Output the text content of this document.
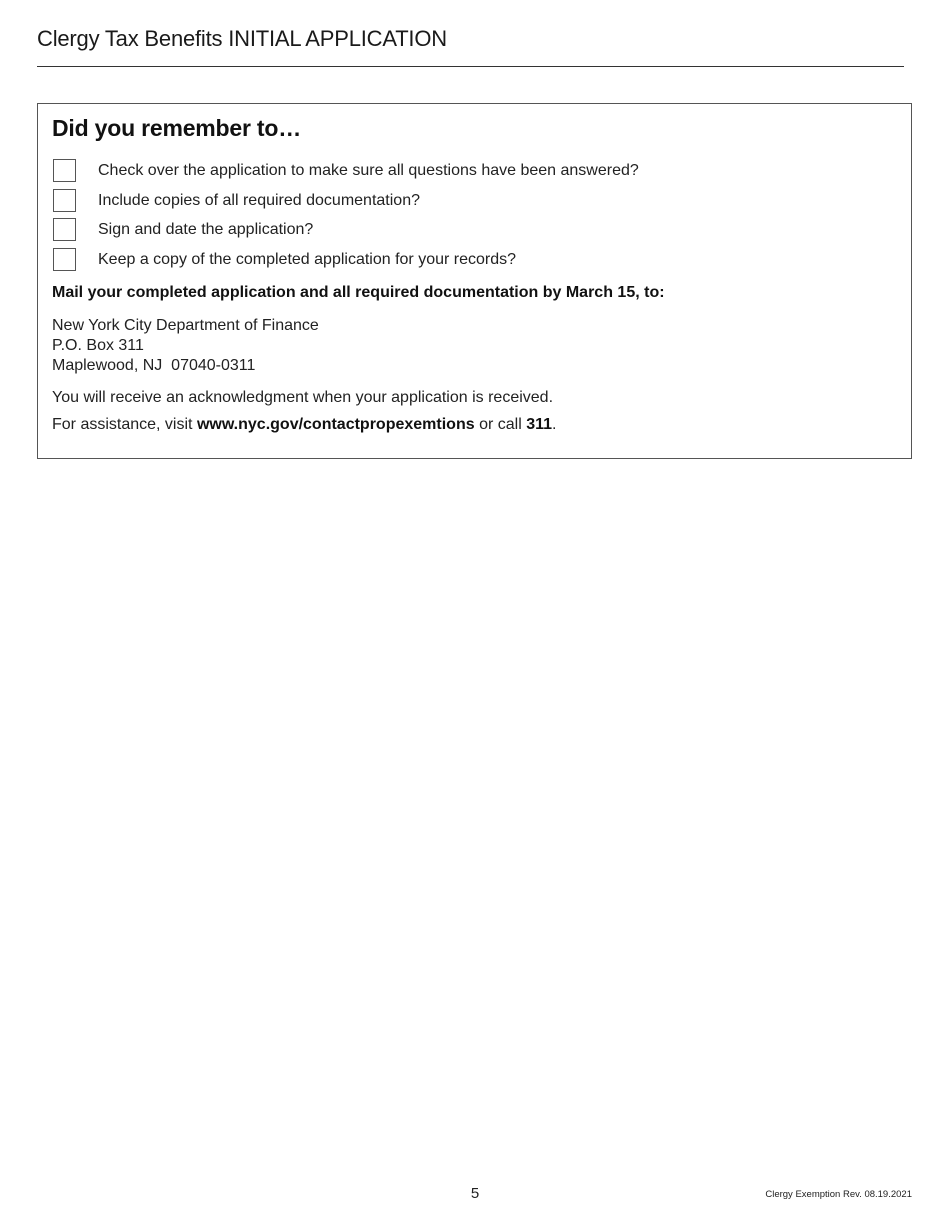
Clergy Tax Benefits INITIAL APPLICATION
Did you remember to…
Check over the application to make sure all questions have been answered?
Include copies of all required documentation?
Sign and date the application?
Keep a copy of the completed application for your records?
Mail your completed application and all required documentation by March 15, to:
New York City Department of Finance
P.O. Box 311
Maplewood, NJ  07040-0311
You will receive an acknowledgment when your application is received.
For assistance, visit www.nyc.gov/contactpropexemtions or call 311.
5	Clergy Exemption Rev. 08.19.2021
